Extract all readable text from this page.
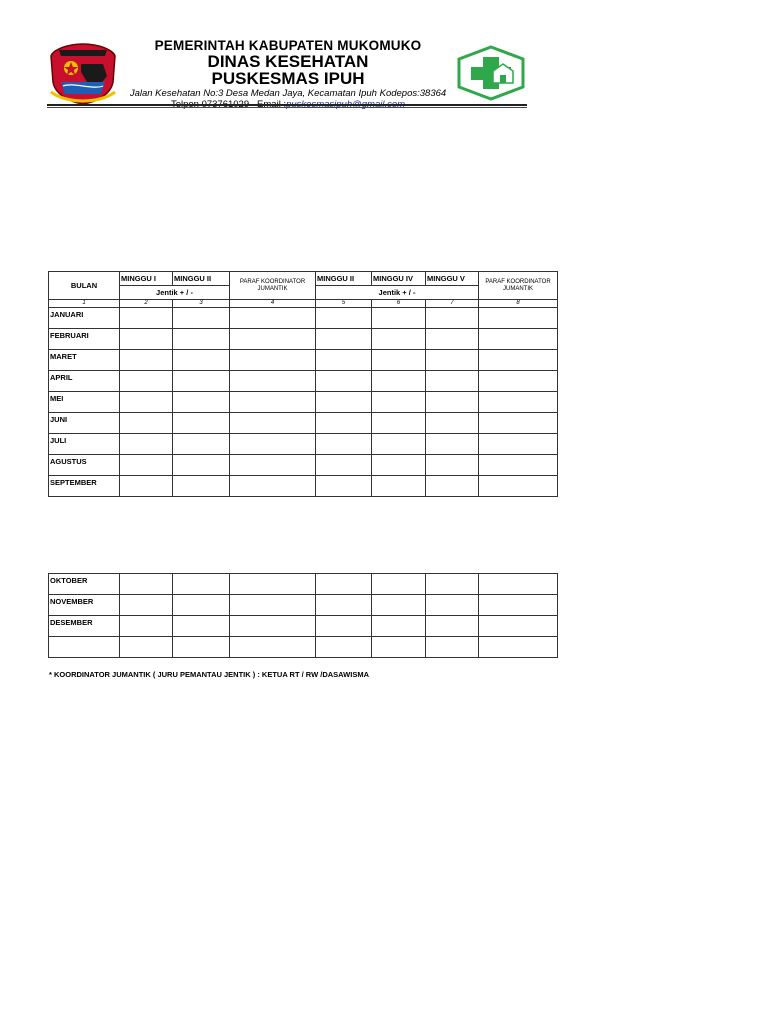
PEMERINTAH KABUPATEN MUKOMUKO
DINAS KESEHATAN
PUSKESMAS IPUH
Jalan Kesehatan No:3 Desa Medan Jaya, Kecamatan Ipuh Kodepos:38364

BULAN	MINGGU I	MINGGU II	PARAF KOORDINATOR JUMANTIK	MINGGU II	MINGGU IV	MINGGU V	PARAF KOORDINATOR JUMANTIK
	Jentik + / -			Jentik + / -			
1	2	3	4	5	6	7	8
JANUARI							
FEBRUARI							
MARET							
APRIL							
MEI							
JUNI							
JULI							
AGUSTUS							
SEPTEMBER							
OKTOBER							
NOVEMBER							
DESEMBER							

* KOORDINATOR JUMANTIK ( JURU PEMANTAU JENTIK ) : KETUA RT / RW /DASAWISMA
